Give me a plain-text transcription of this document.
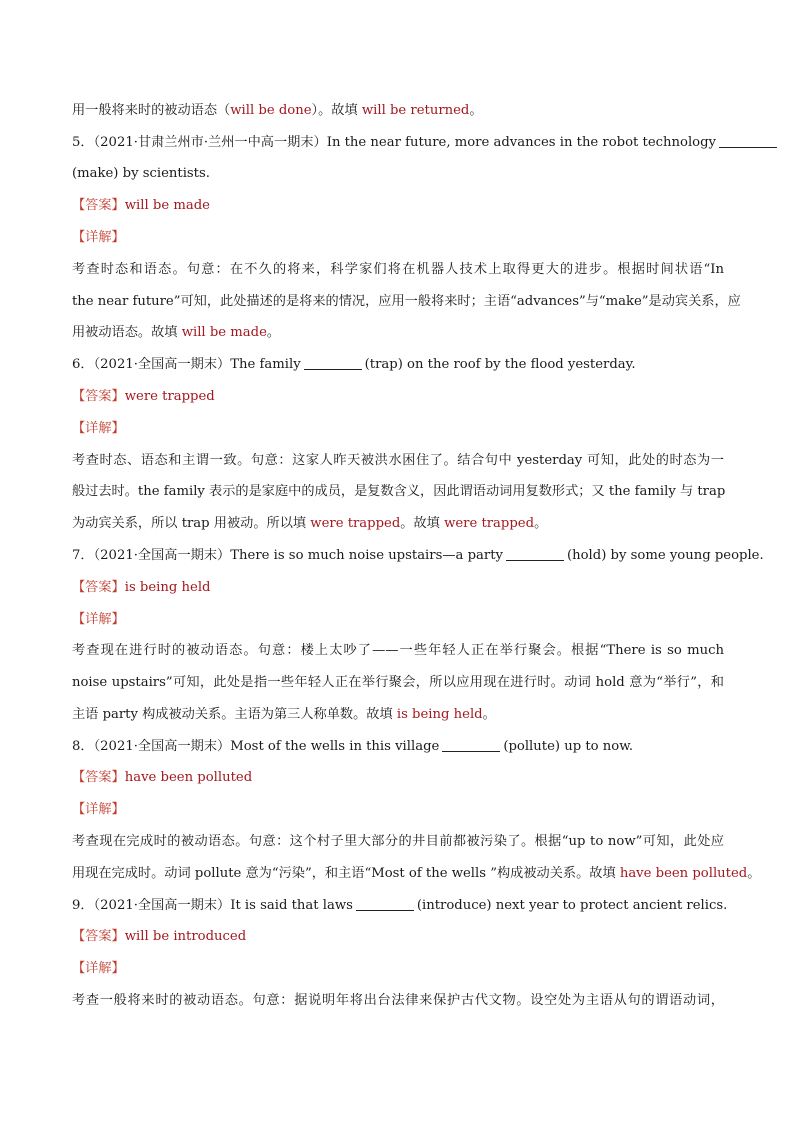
用一般将来时的被动语态（will be done）。故填 will be returned。
5．（2021·甘肃兰州市·兰州一中高一期末）In the near future, more advances in the robot technology
(make) by scientists.
【答案】will be made
【详解】
考查时态和语态。句意：在不久的将来，科学家们将在机器人技术上取得更大的进步。根据时间状语“In
the near future”可知，此处描述的是将来的情况，应用一般将来时；主语“advances”与“make”是动宾关系，应
用被动语态。故填 will be made。
6．（2021·全国高一期末）The family	(trap) on the roof by the flood yesterday.
【答案】were trapped
【详解】
考查时态、语态和主谓一致。句意：这家人昨天被洪水困住了。结合句中 yesterday 可知，此处的时态为一
般过去时。the family 表示的是家庭中的成员，是复数含义，因此谓语动词用复数形式；又 the family 与 trap
为动宾关系，所以 trap 用被动。所以填 were trapped。故填 were trapped。
7．（2021·全国高一期末）There is so much noise upstairs—a party	(hold) by some young people.
【答案】is being held
【详解】
考查现在进行时的被动语态。句意：楼上太吵了——一些年轻人正在举行聚会。根据“There is so much
noise upstairs”可知，此处是指一些年轻人正在举行聚会，所以应用现在进行时。动词 hold 意为“举行”，和
主语 party 构成被动关系。主语为第三人称单数。故填 is being held。
8．（2021·全国高一期末）Most of the wells in this village	(pollute) up to now.
【答案】have been polluted
【详解】
考查现在完成时的被动语态。句意：这个村子里大部分的井目前都被污染了。根据“up to now”可知，此处应
用现在完成时。动词 pollute 意为“污染”，和主语“Most of the wells ”构成被动关系。故填 have been polluted。
9．（2021·全国高一期末）It is said that laws	(introduce) next year to protect ancient relics.
【答案】will be introduced
【详解】
考查一般将来时的被动语态。句意：据说明年将出台法律来保护古代文物。设空处为主语从句的谓语动词，
